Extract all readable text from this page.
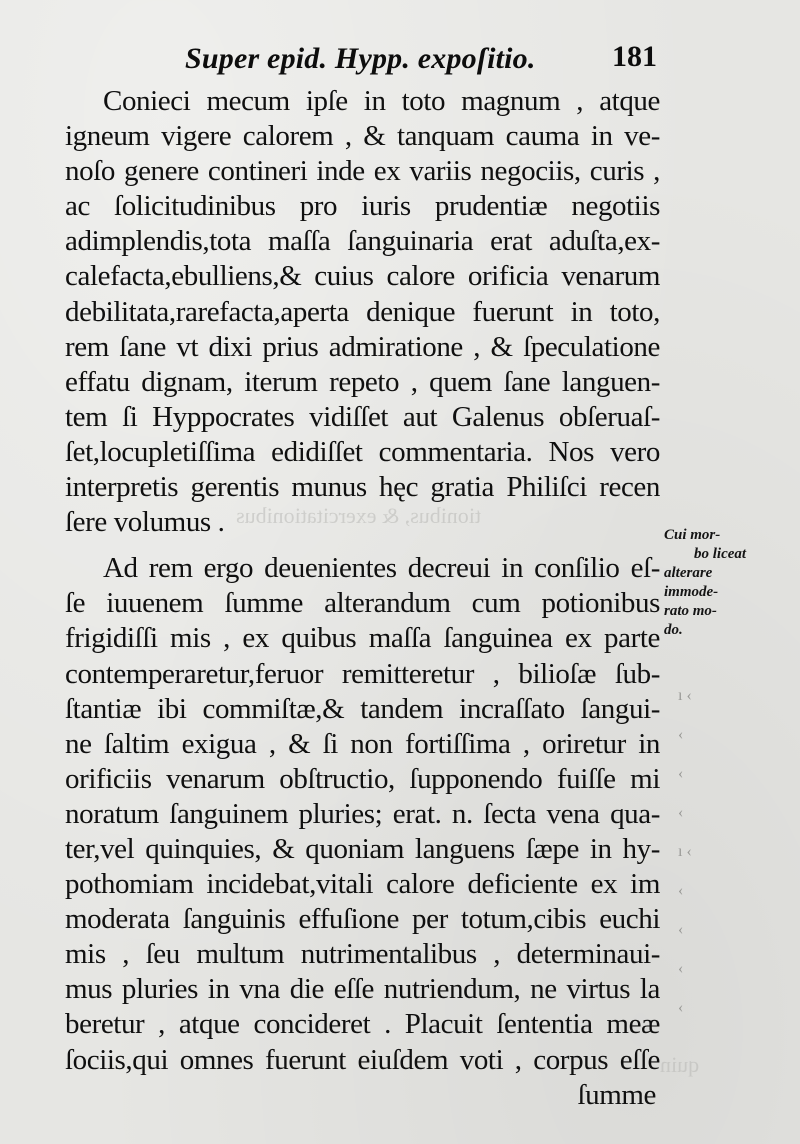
tionibus, & exercitationibus
quin
Super epid. Hypp. expoſitio.	181
Conieci mecum ipſe in toto magnum , atque
igneum vigere calorem , & tanquam cauma in ve-
noſo genere contineri inde ex variis negociis, curis ,
ac ſolicitudinibus pro iuris prudentiæ negotiis
adimplendis,tota maſſa ſanguinaria erat aduſta,ex-
calefacta,ebulliens,& cuius calore orificia venarum
debilitata,rarefacta,aperta denique fuerunt in toto,
rem ſane vt dixi prius admiratione , & ſpeculatione
effatu dignam, iterum repeto , quem ſane languen-
tem ſi Hyppocrates vidiſſet aut Galenus obſeruaſ-
ſet,locupletiſſima edidiſſet commentaria. Nos vero
interpretis gerentis munus hęc gratia Philiſci recen
ſere volumus .
Ad rem ergo deuenientes decreui in conſilio eſ-
ſe iuuenem ſumme alterandum cum potionibus
frigidiſſi mis , ex quibus maſſa ſanguinea ex parte
contemperaretur,feruor remitteretur , bilioſæ ſub-
ſtantiæ ibi commiſtæ,& tandem incraſſato ſangui-
ne ſaltim exigua , & ſi non fortiſſima , oriretur in
orificiis venarum obſtructio, ſupponendo fuiſſe mi
noratum ſanguinem pluries; erat. n. ſecta vena qua-
ter,vel quinquies, & quoniam languens ſæpe in hy-
pothomiam incidebat,vitali calore deficiente ex im
moderata ſanguinis effuſione per totum,cibis euchi
mis , ſeu multum nutrimentalibus , determinaui-
mus pluries in vna die eſſe nutriendum, ne virtus la
beretur , atque concideret . Placuit ſententia meæ
ſociis,qui omnes fuerunt eiuſdem voti , corpus eſſe
ſumme
Cui mor-
bo liceat
alterare
immode-
rato mo-
do.
ı ‹
‹
‹
‹
ı ‹
‹
‹
‹
‹
